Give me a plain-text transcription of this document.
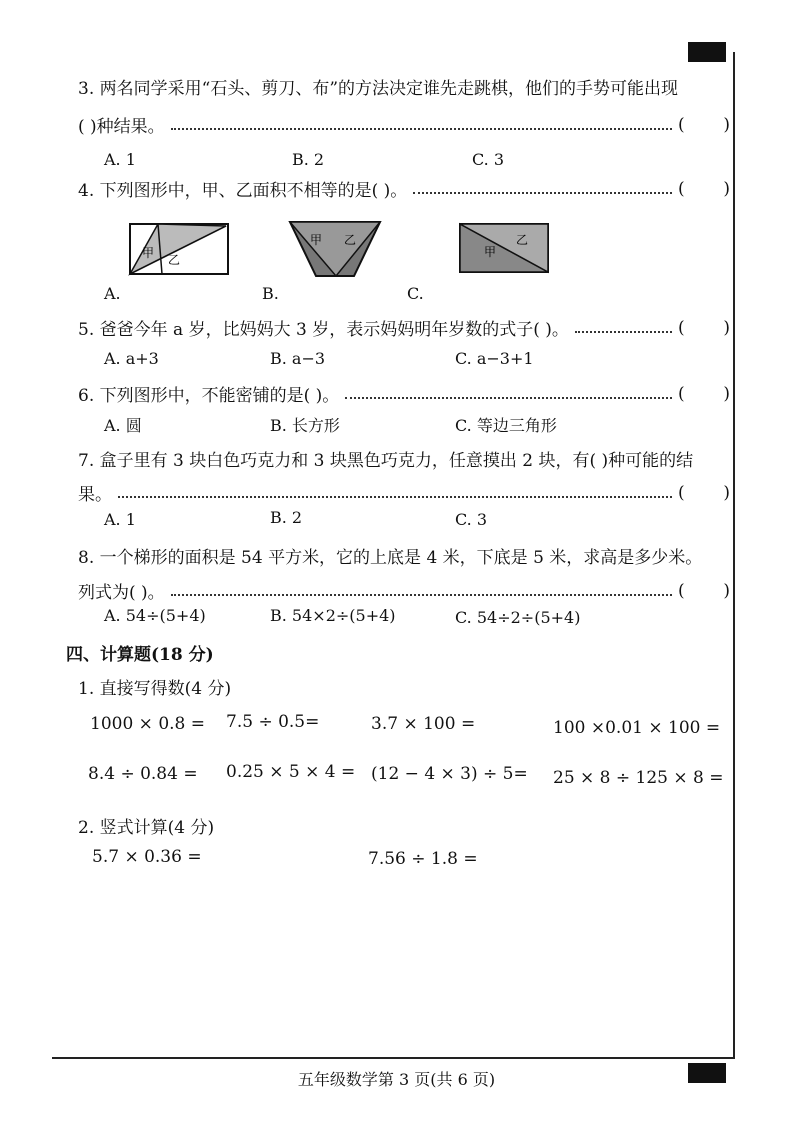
3. 两名同学采用“石头、剪刀、布”的方法决定谁先走跳棋，他们的手势可能出现
( )种结果。	( )
A. 1	B. 2	C. 3
4. 下列图形中，甲、乙面积不相等的是( )。	( )
甲 乙
甲 乙
甲
乙
A.	B.	C.
5. 爸爸今年 a 岁，比妈妈大 3 岁，表示妈妈明年岁数的式子( )。	( )
A. a+3	B. a−3	C. a−3+1
6. 下列图形中，不能密铺的是( )。	( )
A. 圆	B. 长方形	C. 等边三角形
7. 盒子里有 3 块白色巧克力和 3 块黑色巧克力，任意摸出 2 块，有( )种可能的结
果。	( )
A. 1	B. 2	C. 3
8. 一个梯形的面积是 54 平方米，它的上底是 4 米，下底是 5 米，求高是多少米。
列式为( )。	( )
A. 54÷(5+4)	B. 54×2÷(5+4)	C. 54÷2÷(5+4)
四、计算题(18 分)
1. 直接写得数(4 分)
1000 × 0.8 = 7.5 ÷ 0.5=	3.7 × 100 =	100 ×0.01 × 100 =
8.4 ÷ 0.84 = 0.25 × 5 × 4 = (12 − 4 × 3) ÷ 5= 25 × 8 ÷ 125 × 8 =
2. 竖式计算(4 分)
5.7 × 0.36 =	7.56 ÷ 1.8 =
五年级数学第 3 页(共 6 页)
